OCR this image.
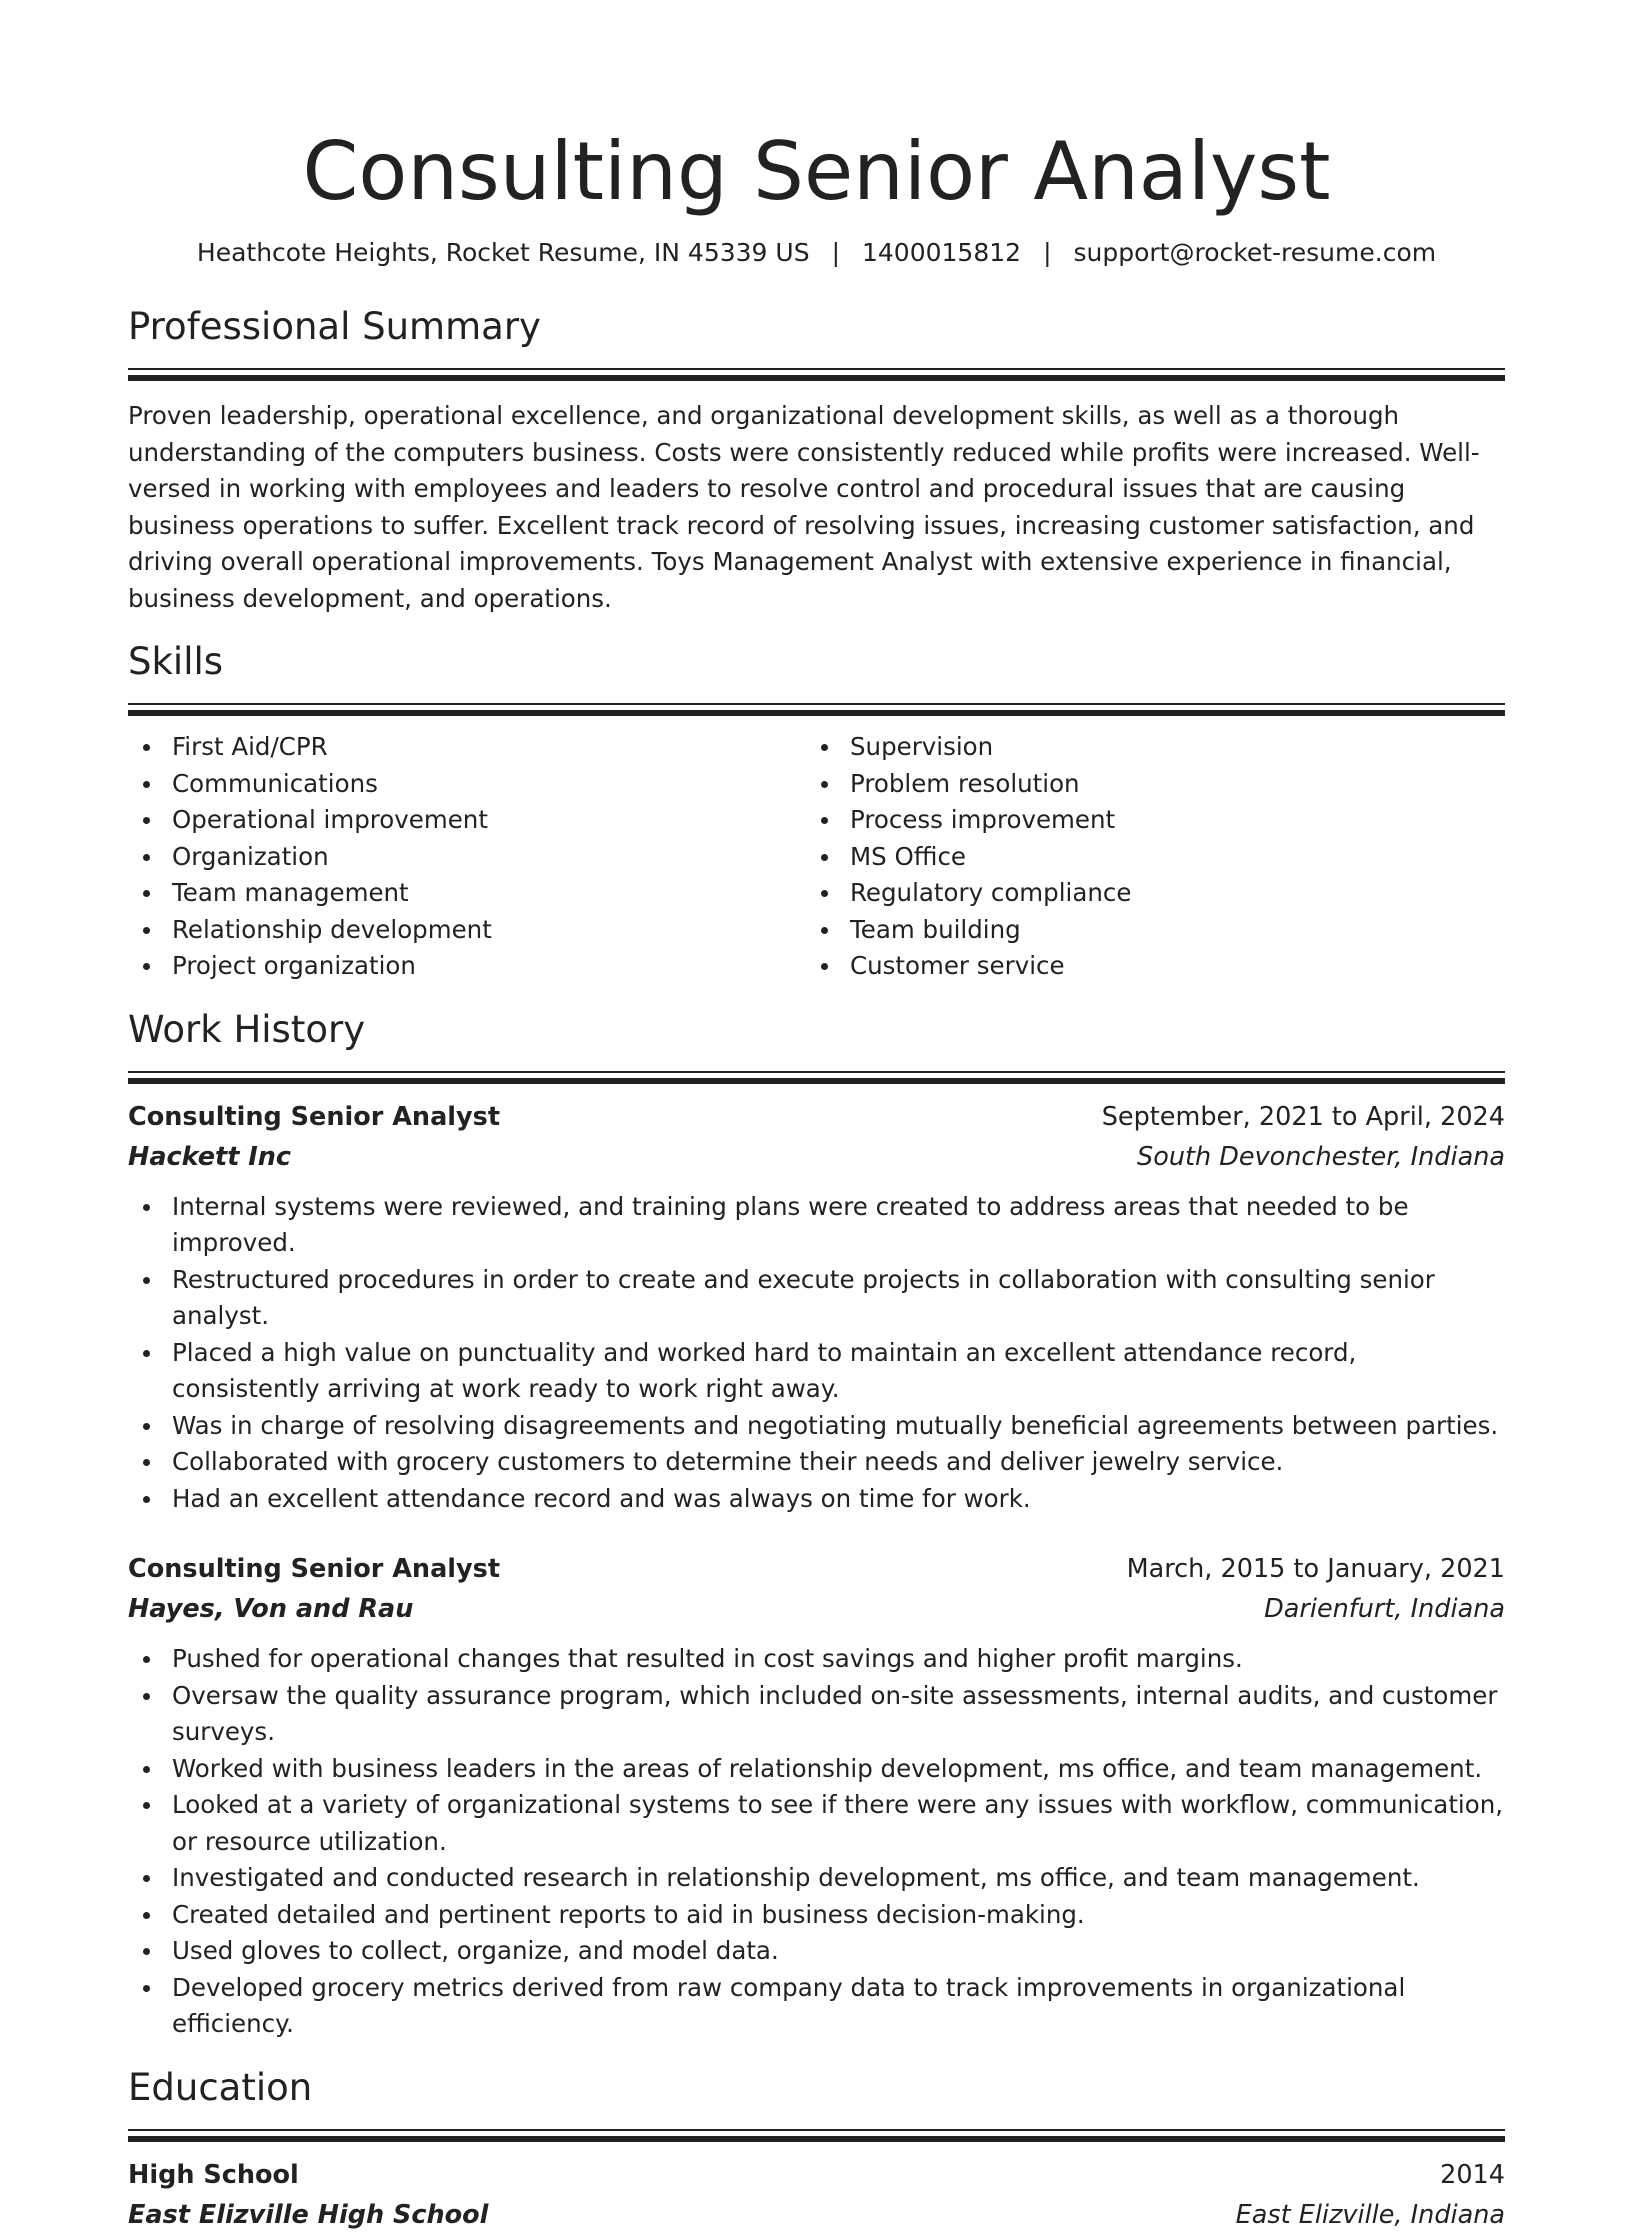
Consulting Senior Analyst
Heathcote Heights, Rocket Resume, IN 45339 US | 1400015812 | support@rocket-resume.com
Professional Summary
Proven leadership, operational excellence, and organizational development skills, as well as a thorough understanding of the computers business. Costs were consistently reduced while profits were increased. Well-versed in working with employees and leaders to resolve control and procedural issues that are causing business operations to suffer. Excellent track record of resolving issues, increasing customer satisfaction, and driving overall operational improvements. Toys Management Analyst with extensive experience in financial, business development, and operations.
Skills
First Aid/CPR
Communications
Operational improvement
Organization
Team management
Relationship development
Project organization
Supervision
Problem resolution
Process improvement
MS Office
Regulatory compliance
Team building
Customer service
Work History
Consulting Senior Analyst	September, 2021 to April, 2024
Hackett Inc	South Devonchester, Indiana
Internal systems were reviewed, and training plans were created to address areas that needed to be improved.
Restructured procedures in order to create and execute projects in collaboration with consulting senior analyst.
Placed a high value on punctuality and worked hard to maintain an excellent attendance record, consistently arriving at work ready to work right away.
Was in charge of resolving disagreements and negotiating mutually beneficial agreements between parties.
Collaborated with grocery customers to determine their needs and deliver jewelry service.
Had an excellent attendance record and was always on time for work.
Consulting Senior Analyst	March, 2015 to January, 2021
Hayes, Von and Rau	Darienfurt, Indiana
Pushed for operational changes that resulted in cost savings and higher profit margins.
Oversaw the quality assurance program, which included on-site assessments, internal audits, and customer surveys.
Worked with business leaders in the areas of relationship development, ms office, and team management.
Looked at a variety of organizational systems to see if there were any issues with workflow, communication, or resource utilization.
Investigated and conducted research in relationship development, ms office, and team management.
Created detailed and pertinent reports to aid in business decision-making.
Used gloves to collect, organize, and model data.
Developed grocery metrics derived from raw company data to track improvements in organizational efficiency.
Education
High School	2014
East Elizville High School	East Elizville, Indiana
